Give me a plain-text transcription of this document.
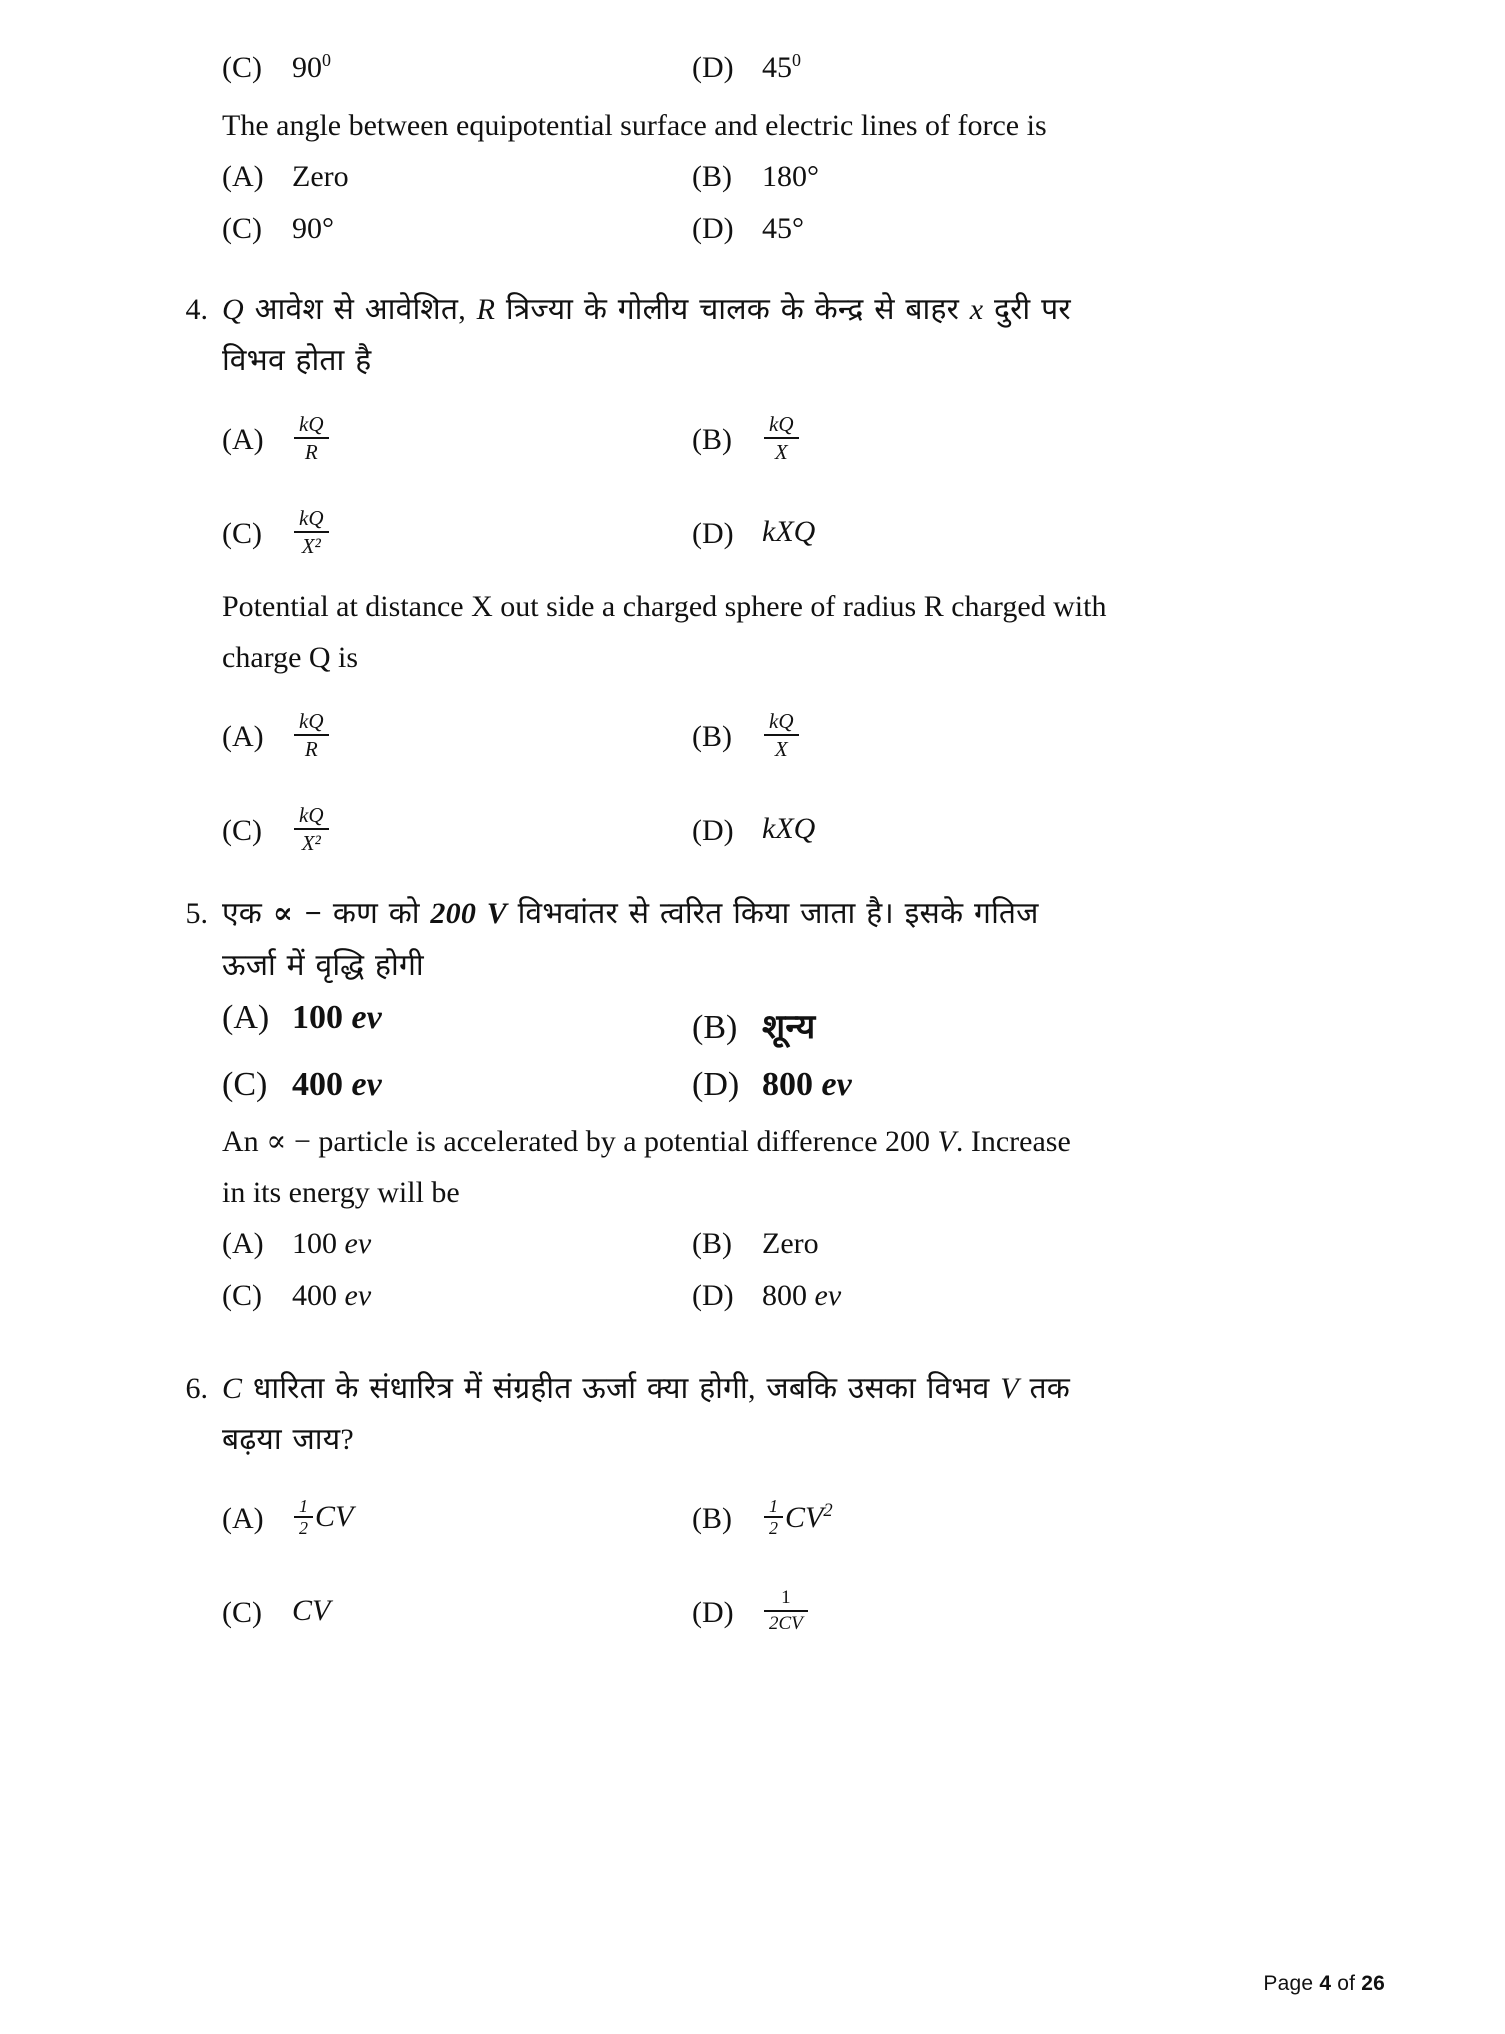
(C)	$90^0$	(D) $45^0$
The angle between equipotential surface and electric lines of force is
(A) Zero	(B)	180°
(C)	90°	(D) 45°
4. Q आवेश से आवेशित, R त्रिज्या के गोलीय चालक के केन्द्र से बाहर x दुरी पर
विभव होता है
(A)	$\frac{kQ}{R}$	(B)	$\frac{kQ}{X}$
(C)	$\frac{kQ}{\text{X²}}$	(D) kXQ
Potential at distance X out side a charged sphere of radius R charged with
charge Q is
(A)	$\frac{kQ}{R}$	(B)	$\frac{kQ}{X}$
(C)	$\frac{kQ}{\text{X²}}$	(D) kXQ
5. एक ∝ − कण को 200 V विभवांतर से त्वरित किया जाता है। इसके गतिज
ऊर्जा में वृद्धि होगी
(A) 100 ev	(B) शून्य
(C) 400 ev	(D) 800 ev
An ∝ − particle is accelerated by a potential difference 200 V. Increase
in its energy will be
(A) 100 ev	(B)	Zero
(C)	400 ev	(D) 800 ev
6. C धारिता के संधारित्र में संग्रहीत ऊर्जा क्या होगी, जबकि उसका विभव V तक
बढ़या जाय?
(A)	$\frac{1}{2}$ CV	(B)	$\frac{1}{2} CV^2$
(C)	CV	(D)	$\frac{1}{2CV}$
Page 4 of 26
